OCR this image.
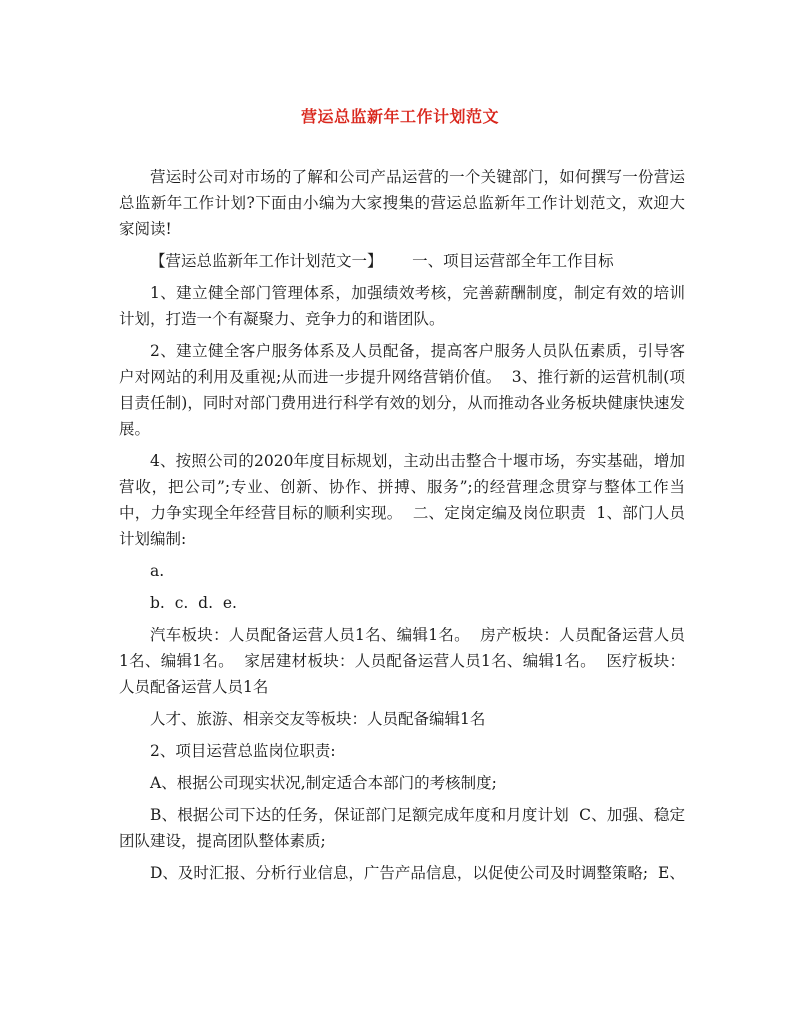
营运总监新年工作计划范文

营运时公司对市场的了解和公司产品运营的一个关键部门，如何撰写一份营运总监新年工作计划?下面由小编为大家搜集的营运总监新年工作计划范文，欢迎大家阅读!

【营运总监新年工作计划范文一】      一、项目运营部全年工作目标

1、建立健全部门管理体系，加强绩效考核，完善薪酬制度，制定有效的培训计划，打造一个有凝聚力、竞争力的和谐团队。

2、建立健全客户服务体系及人员配备，提高客户服务人员队伍素质，引导客户对网站的利用及重视;从而进一步提升网络营销价值。  3、推行新的运营机制(项目责任制)，同时对部门费用进行科学有效的划分，从而推动各业务板块健康快速发展。

4、按照公司的2020年度目标规划，主动出击整合十堰市场，夯实基础，增加营收，把公司”;专业、创新、协作、拼搏、服务”;的经营理念贯穿与整体工作当中，力争实现全年经营目标的顺利实现。  二、定岗定编及岗位职责  1、部门人员计划编制:

a.

b.  c.  d.  e.

汽车板块：人员配备运营人员1名、编辑1名。  房产板块：人员配备运营人员1名、编辑1名。  家居建材板块：人员配备运营人员1名、编辑1名。  医疗板块：人员配备运营人员1名

人才、旅游、相亲交友等板块：人员配备编辑1名

2、项目运营总监岗位职责:

A、根据公司现实状况,制定适合本部门的考核制度;

B、根据公司下达的任务，保证部门足额完成年度和月度计划  C、加强、稳定团队建设，提高团队整体素质;

D、及时汇报、分析行业信息，广告产品信息，以促使公司及时调整策略;  E、
